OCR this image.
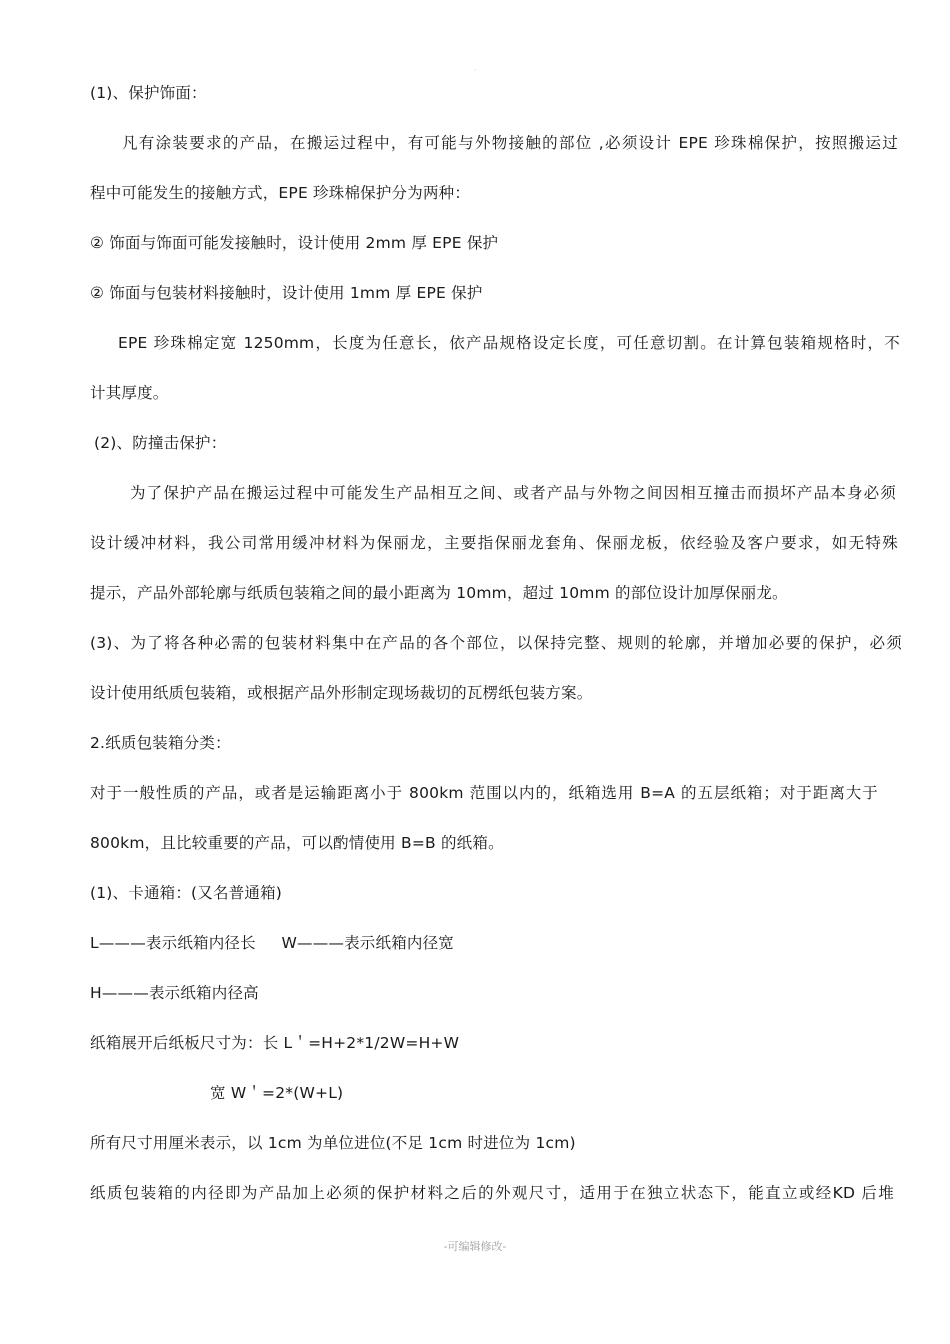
·
(1)、保护饰面：
凡有涂装要求的产品，在搬运过程中，有可能与外物接触的部位 ,必须设计 EPE 珍珠棉保护，按照搬运过
程中可能发生的接触方式，EPE 珍珠棉保护分为两种：
② 饰面与饰面可能发接触时，设计使用 2mm 厚 EPE 保护
② 饰面与包装材料接触时，设计使用 1mm 厚 EPE 保护
EPE 珍珠棉定宽 1250mm，长度为任意长，依产品规格设定长度，可任意切割。在计算包装箱规格时，不
计其厚度。
(2)、防撞击保护：
为了保护产品在搬运过程中可能发生产品相互之间、或者产品与外物之间因相互撞击而损坏产品本身必须
设计缓冲材料，我公司常用缓冲材料为保丽龙，主要指保丽龙套角、保丽龙板，依经验及客户要求，如无特殊
提示，产品外部轮廓与纸质包装箱之间的最小距离为 10mm，超过 10mm 的部位设计加厚保丽龙。
(3)、为了将各种必需的包装材料集中在产品的各个部位，以保持完整、规则的轮廓，并增加必要的保护，必须
设计使用纸质包装箱，或根据产品外形制定现场裁切的瓦楞纸包装方案。
2.纸质包装箱分类：
对于一般性质的产品，或者是运输距离小于 800km 范围以内的，纸箱选用 B=A 的五层纸箱；对于距离大于
800km，且比较重要的产品，可以酌情使用 B=B 的纸箱。
(1)、卡通箱：(又名普通箱)
L———表示纸箱内径长     W———表示纸箱内径宽
H———表示纸箱内径高
纸箱展开后纸板尺寸为：长 L＇=H+2*1/2W=H+W
宽 W＇=2*(W+L)
所有尺寸用厘米表示，以 1cm 为单位进位(不足 1cm 时进位为 1cm)
纸质包装箱的内径即为产品加上必须的保护材料之后的外观尺寸，适用于在独立状态下，能直立或经KD 后堆
-可编辑修改-
